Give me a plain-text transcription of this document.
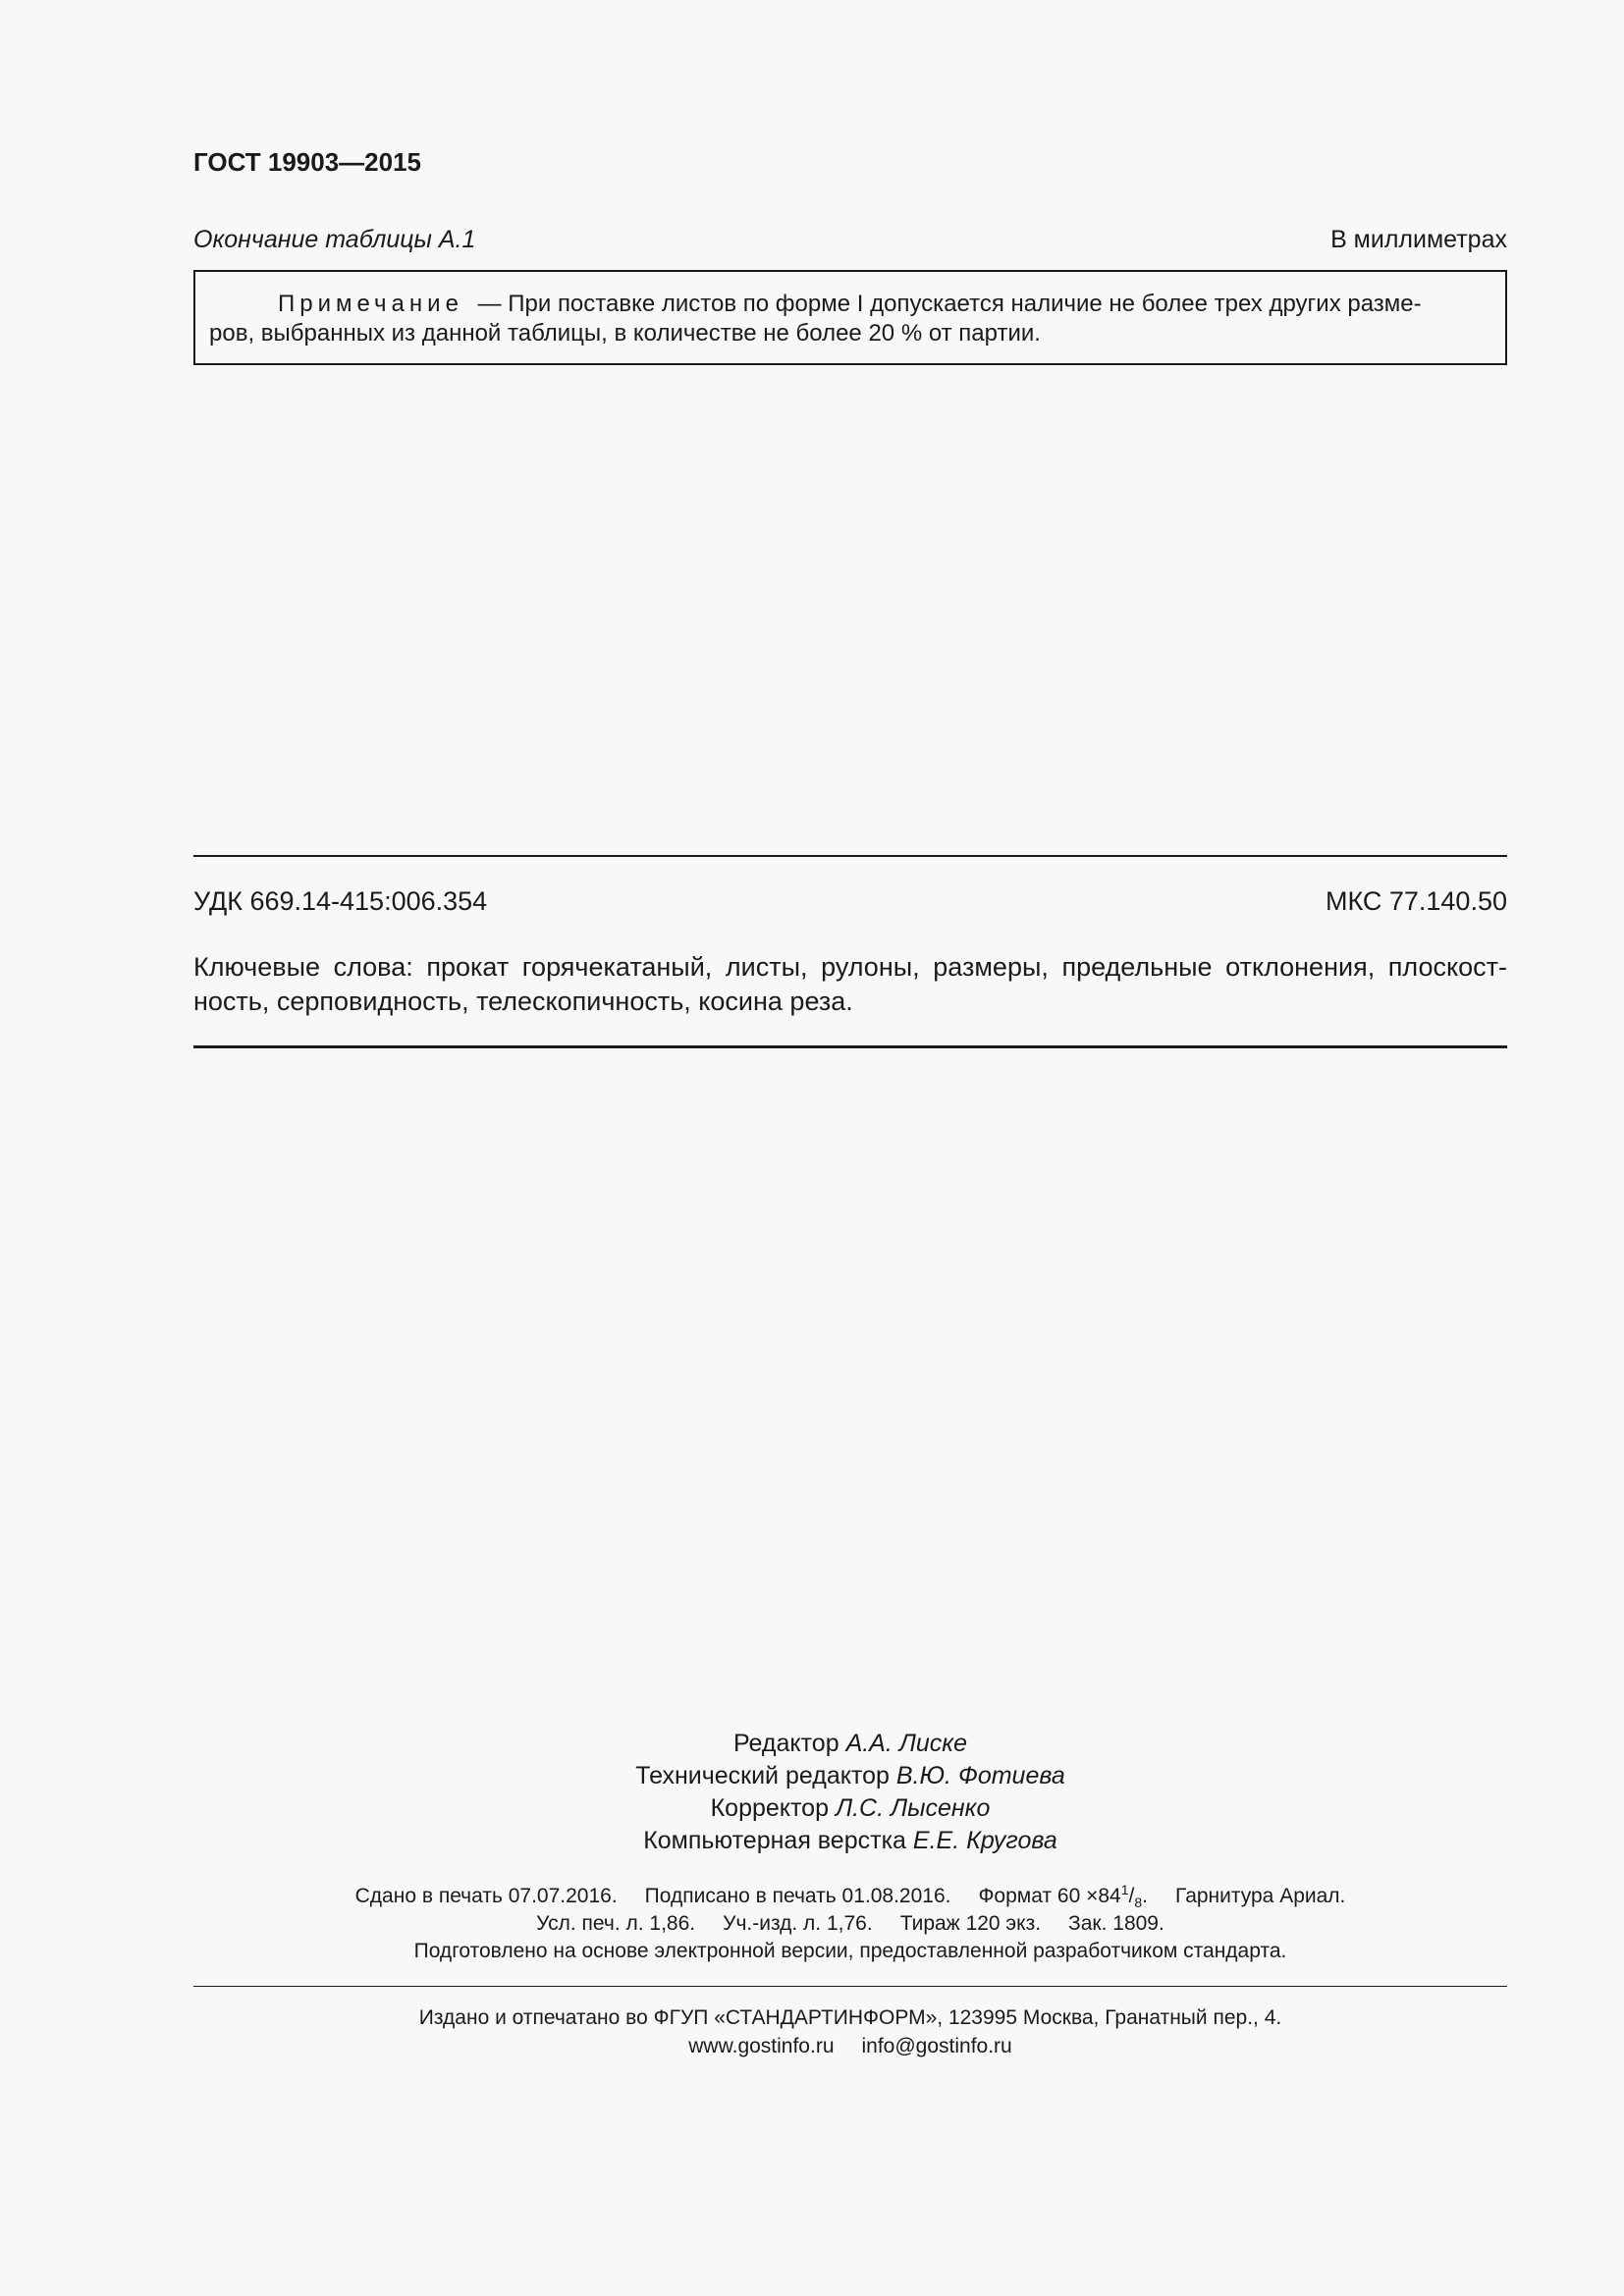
ГОСТ 19903—2015
Окончание таблицы А.1	В миллиметрах
Примечание — При поставке листов по форме I допускается наличие не более трех других разме-
ров, выбранных из данной таблицы, в количестве не более 20 % от партии.
УДК 669.14-415:006.354	МКС 77.140.50
Ключевые слова: прокат горячекатаный, листы, рулоны, размеры, предельные отклонения, плоскост-
ность, серповидность, телескопичность, косина реза.
Редактор А.А. Лиске
Технический редактор В.Ю. Фотиева
Корректор Л.С. Лысенко
Компьютерная верстка Е.Е. Кругова
Сдано в печать 07.07.2016. Подписано в печать 01.08.2016. Формат $60 \times 84^1/_8$. Гарнитура Ариал.
Усл. печ. л. 1,86. Уч.-изд. л. 1,76. Тираж 120 экз. Зак. 1809.
Подготовлено на основе электронной версии, предоставленной разработчиком стандарта.
Издано и отпечатано во ФГУП «СТАНДАРТИНФОРМ», 123995 Москва, Гранатный пер., 4.
www.gostinfo.ru info@gostinfo.ru
